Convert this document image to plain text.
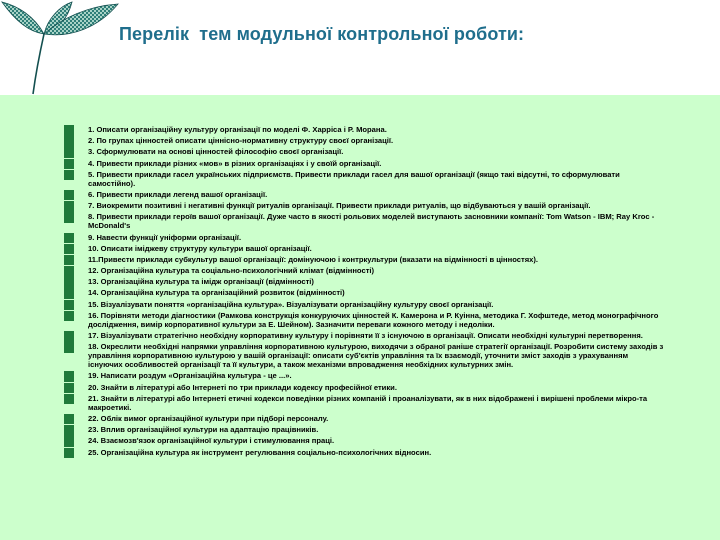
Перелік  тем модульної контрольної роботи:
1. Описати організаційну культуру організації по моделі Ф. Харріса і Р. Морана.
2. По групах цінностей описати ціннісно-нормативну структуру своєї організації.
3. Сформулювати на основі цінностей філософію своєї організації.
4. Привести приклади різних «мов» в різних організаціях і у своїй організації.
5. Привести приклади гасел українських підприємств. Привести приклади гасел для вашої організації (якщо такі відсутні, то сформулювати самостійно).
6. Привести приклади легенд вашої організації.
7. Виокремити позитивні і негативні функції ритуалів організації. Привести приклади ритуалів, що відбуваються у вашій організації.
8. Привести приклади героїв вашої організації. Дуже часто в якості рольових моделей виступають засновники компанії: Tom Watson - IBM; Ray Kroc - McDonald's
9. Навести функції уніформи організації.
10. Описати іміджеву структуру культури вашої організації.
11.Привести приклади субкультур вашої організації: домінуючою і контркультури (вказати на відмінності в цінностях).
12. Організаційна культура та соціально-психологічний клімат (відмінності)
13. Організаційна культура та імідж організації (відмінності)
14. Організаційна культура та організаційний розвиток (відмінності)
15. Візуалізувати поняття «організаційна культура». Візуалізувати організаційну культуру своєї організації.
16. Порівняти методи діагностики (Рамкова конструкція конкуруючих цінностей К. Камерона и Р. Куінна, методика Г. Хофштеде, метод монографічного дослідження, вимір корпоративної культури за Е. Шейном). Зазначити переваги кожного методу і недоліки.
17. Візуалізувати стратегічно необхідну корпоративну культуру і порівняти її з існуючою в організації. Описати необхідні культурні перетворення.
18. Окреслити необхідні напрямки управління корпоративною культурою, виходячи з обраної раніше стратегії організації. Розробити систему заходів з управління корпоративною культурою у вашій організації: описати суб'єктів управління та їх взаємодії, уточнити зміст заходів з урахуванням існуючих особливостей організації та її культури, а також механізми впровадження необхідних культурних змін.
19. Написати роздум «Організаційна культура - це ...».
20. Знайти в літературі або Інтернеті по три приклади кодексу професійної етики.
21. Знайти в літературі або Інтернеті етичні кодекси поведінки різних компаній і проаналізувати, як в них відображені і вирішені проблеми мікро-та макроетикі.
22. Облік вимог організаційної культури при підборі персоналу.
23. Вплив організаційної культури на адаптацію працівників.
24. Взаємозв'язок організаційної культури і стимулювання праці.
25. Організаційна культура як інструмент регулювання соціально-психологічних відносин.
